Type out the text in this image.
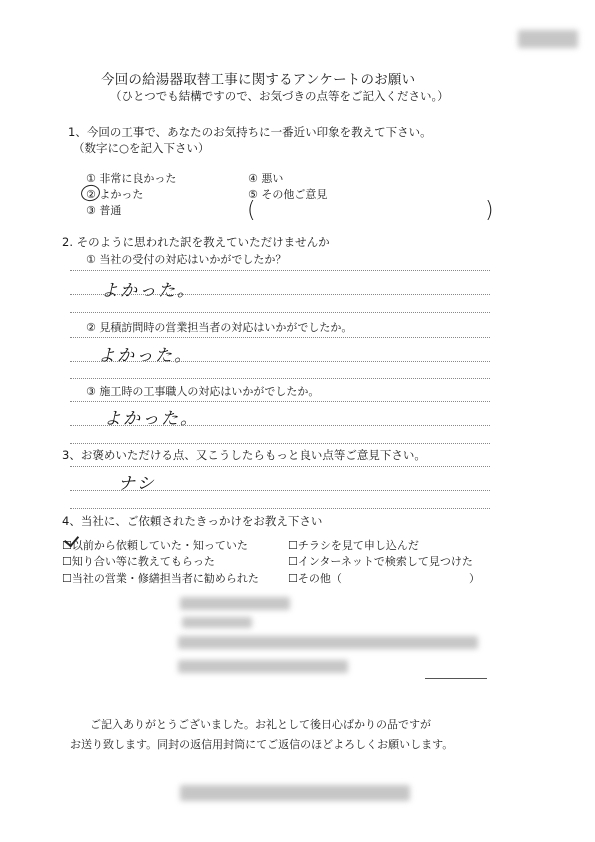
今回の給湯器取替工事に関するアンケートのお願い
（ひとつでも結構ですので、お気づきの点等をご記入ください。）
1、今回の工事で、あなたのお気持ちに一番近い印象を教えて下さい。
（数字に○を記入下さい）
① 非常に良かった
② よかった
③ 普通
④ 悪い
⑤ その他ご意見
(	)
2. そのように思われた訳を教えていただけませんか
① 当社の受付の対応はいかがでしたか？
よかった。
② 見積訪問時の営業担当者の対応はいかがでしたか。
よかった。
③ 施工時の工事職人の対応はいかがでしたか。
よかった。
3、お褒めいただける点、又こうしたらもっと良い点等ご意見下さい。
ナシ
4、当社に、ご依頼されたきっかけをお教え下さい
☐以前から依頼していた・知っていた
☐知り合い等に教えてもらった
☐当社の営業・修繕担当者に勧められた
☐チラシを見て申し込んだ
☐インターネットで検索して見つけた
☐その他（	）
ご記入ありがとうございました。お礼として後日心ばかりの品ですが
お送り致します。同封の返信用封筒にてご返信のほどよろしくお願いします。
